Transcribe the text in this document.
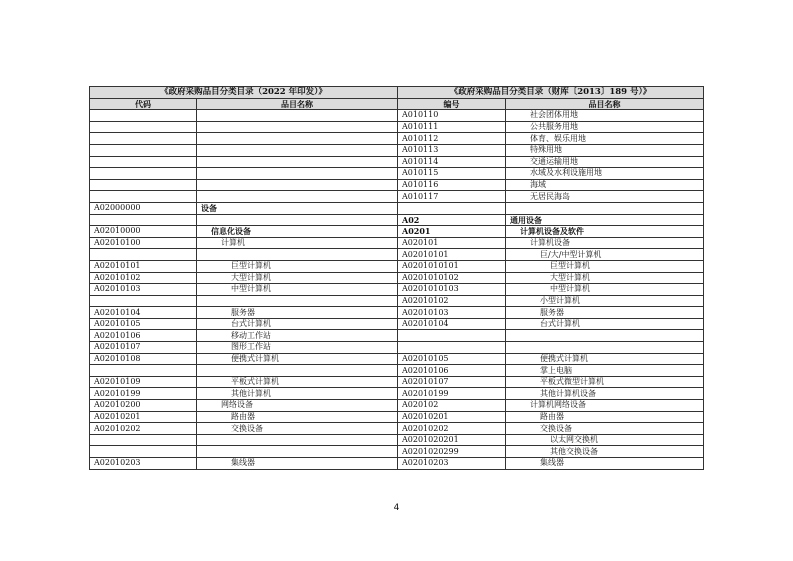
《政府采购品目分类目录（2022 年印发）》		《政府采购品目分类目录（财库〔2013〕189 号）》	
代码	品目名称	编号	品目名称
		A010110	社会团体用地
		A010111	公共服务用地
		A010112	体育、娱乐用地
		A010113	特殊用地
		A010114	交通运输用地
		A010115	水域及水利设施用地
		A010116	海域
		A010117	无居民海岛
A02000000	设备		
		A02	通用设备
A02010000	信息化设备	A0201	计算机设备及软件
A02010100	计算机	A020101	计算机设备
		A02010101	巨/大/中型计算机
A02010101	巨型计算机	A0201010101	巨型计算机
A02010102	大型计算机	A0201010102	大型计算机
A02010103	中型计算机	A0201010103	中型计算机
		A02010102	小型计算机
A02010104	服务器	A02010103	服务器
A02010105	台式计算机	A02010104	台式计算机
A02010106	移动工作站		
A02010107	图形工作站		
A02010108	便携式计算机	A02010105	便携式计算机
		A02010106	掌上电脑
A02010109	平板式计算机	A02010107	平板式微型计算机
A02010199	其他计算机	A02010199	其他计算机设备
A02010200	网络设备	A020102	计算机网络设备
A02010201	路由器	A02010201	路由器
A02010202	交换设备	A02010202	交换设备
		A0201020201	以太网交换机
		A0201020299	其他交换设备
A02010203	集线器	A02010203	集线器
4
